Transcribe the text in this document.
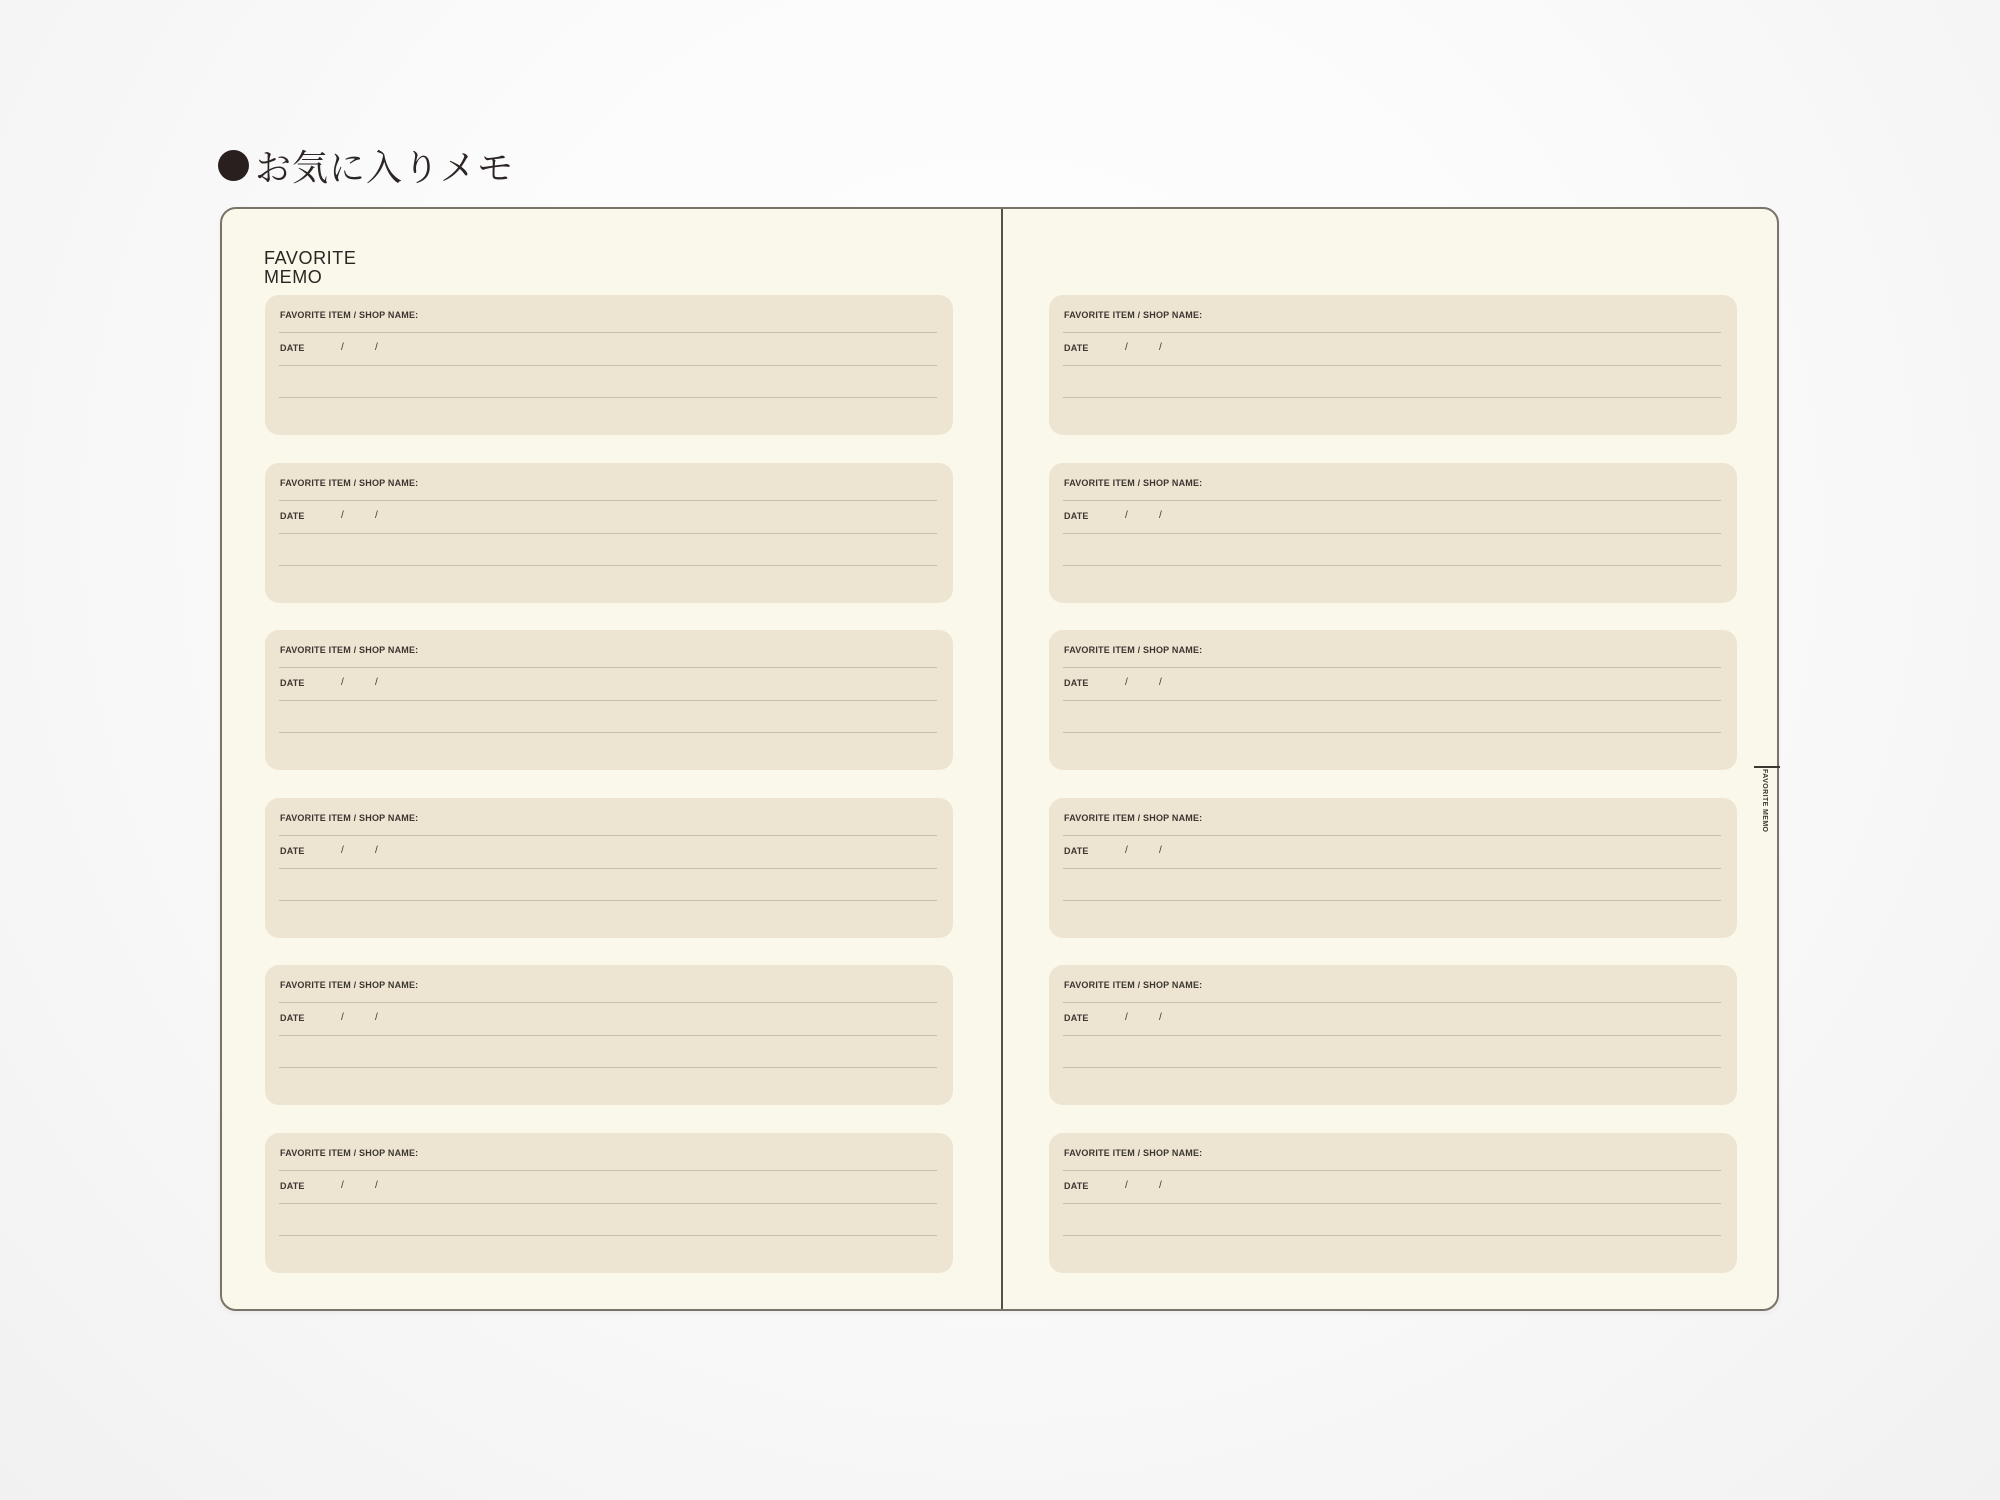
お気に入りメモ
FAVORITE
MEMO
FAVORITE ITEM / SHOP NAME:
DATE	/	/
FAVORITE ITEM / SHOP NAME:
DATE	/	/
FAVORITE ITEM / SHOP NAME:
DATE	/	/
FAVORITE ITEM / SHOP NAME:
DATE	/	/
FAVORITE ITEM / SHOP NAME:
DATE	/	/
FAVORITE ITEM / SHOP NAME:
DATE	/	/
FAVORITE ITEM / SHOP NAME:
DATE	/	/
FAVORITE ITEM / SHOP NAME:
DATE	/	/
FAVORITE ITEM / SHOP NAME:
DATE	/	/
FAVORITE ITEM / SHOP NAME:
DATE	/	/
FAVORITE ITEM / SHOP NAME:
DATE	/	/
FAVORITE ITEM / SHOP NAME:
DATE	/	/
FAVORITE MEMO
